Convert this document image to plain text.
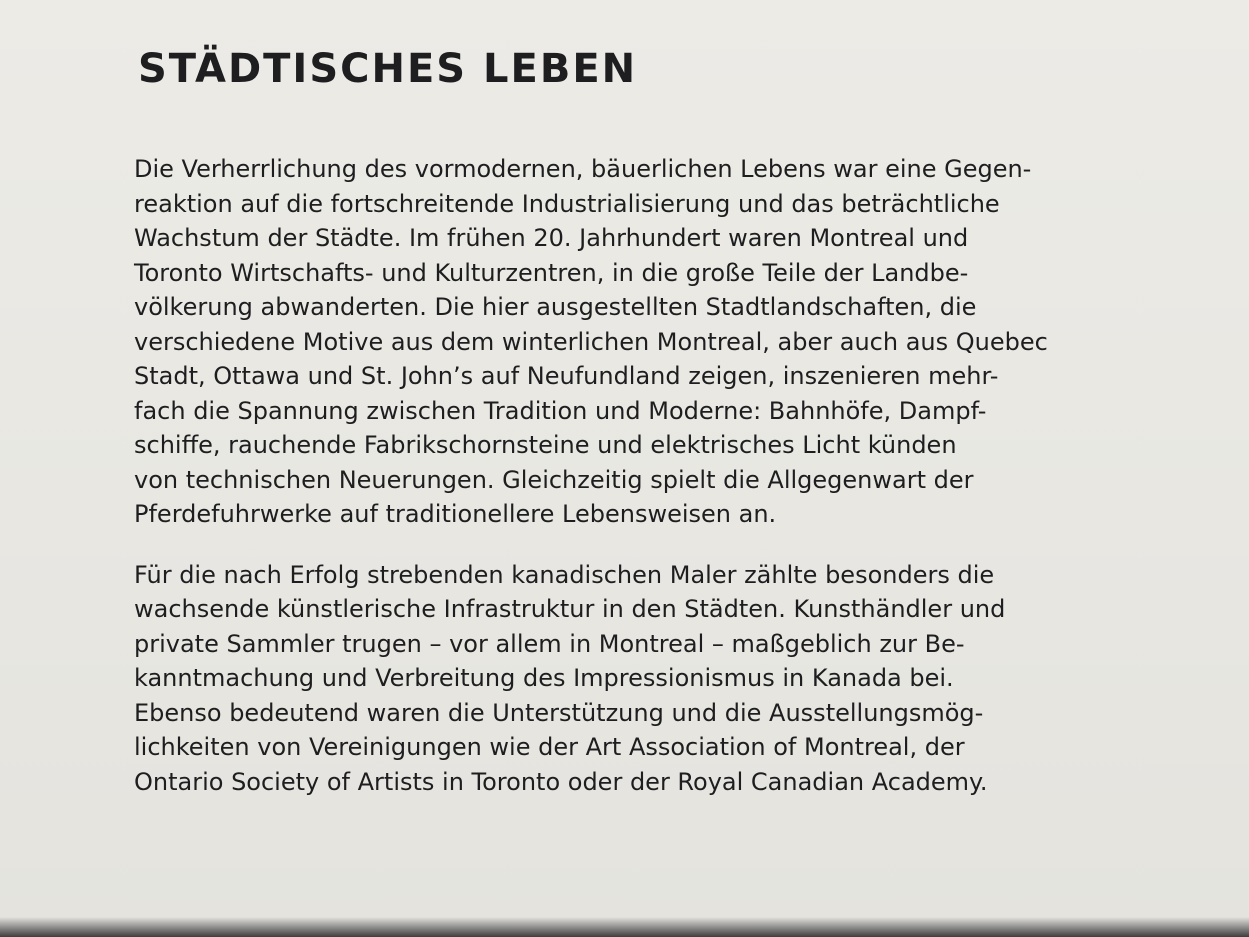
STÄDTISCHES LEBEN

Die Verherrlichung des vormodernen, bäuerlichen Lebens war eine Gegen-
reaktion auf die fortschreitende Industrialisierung und das beträchtliche
Wachstum der Städte. Im frühen 20. Jahrhundert waren Montreal und
Toronto Wirtschafts- und Kulturzentren, in die große Teile der Landbe-
völkerung abwanderten. Die hier ausgestellten Stadtlandschaften, die
verschiedene Motive aus dem winterlichen Montreal, aber auch aus Quebec
Stadt, Ottawa und St. John’s auf Neufundland zeigen, inszenieren mehr-
fach die Spannung zwischen Tradition und Moderne: Bahnhöfe, Dampf-
schiffe, rauchende Fabrikschornsteine und elektrisches Licht künden
von technischen Neuerungen. Gleichzeitig spielt die Allgegenwart der
Pferdefuhrwerke auf traditionellere Lebensweisen an.

Für die nach Erfolg strebenden kanadischen Maler zählte besonders die
wachsende künstlerische Infrastruktur in den Städten. Kunsthändler und
private Sammler trugen – vor allem in Montreal – maßgeblich zur Be-
kanntmachung und Verbreitung des Impressionismus in Kanada bei.
Ebenso bedeutend waren die Unterstützung und die Ausstellungsmög-
lichkeiten von Vereinigungen wie der Art Association of Montreal, der
Ontario Society of Artists in Toronto oder der Royal Canadian Academy.
